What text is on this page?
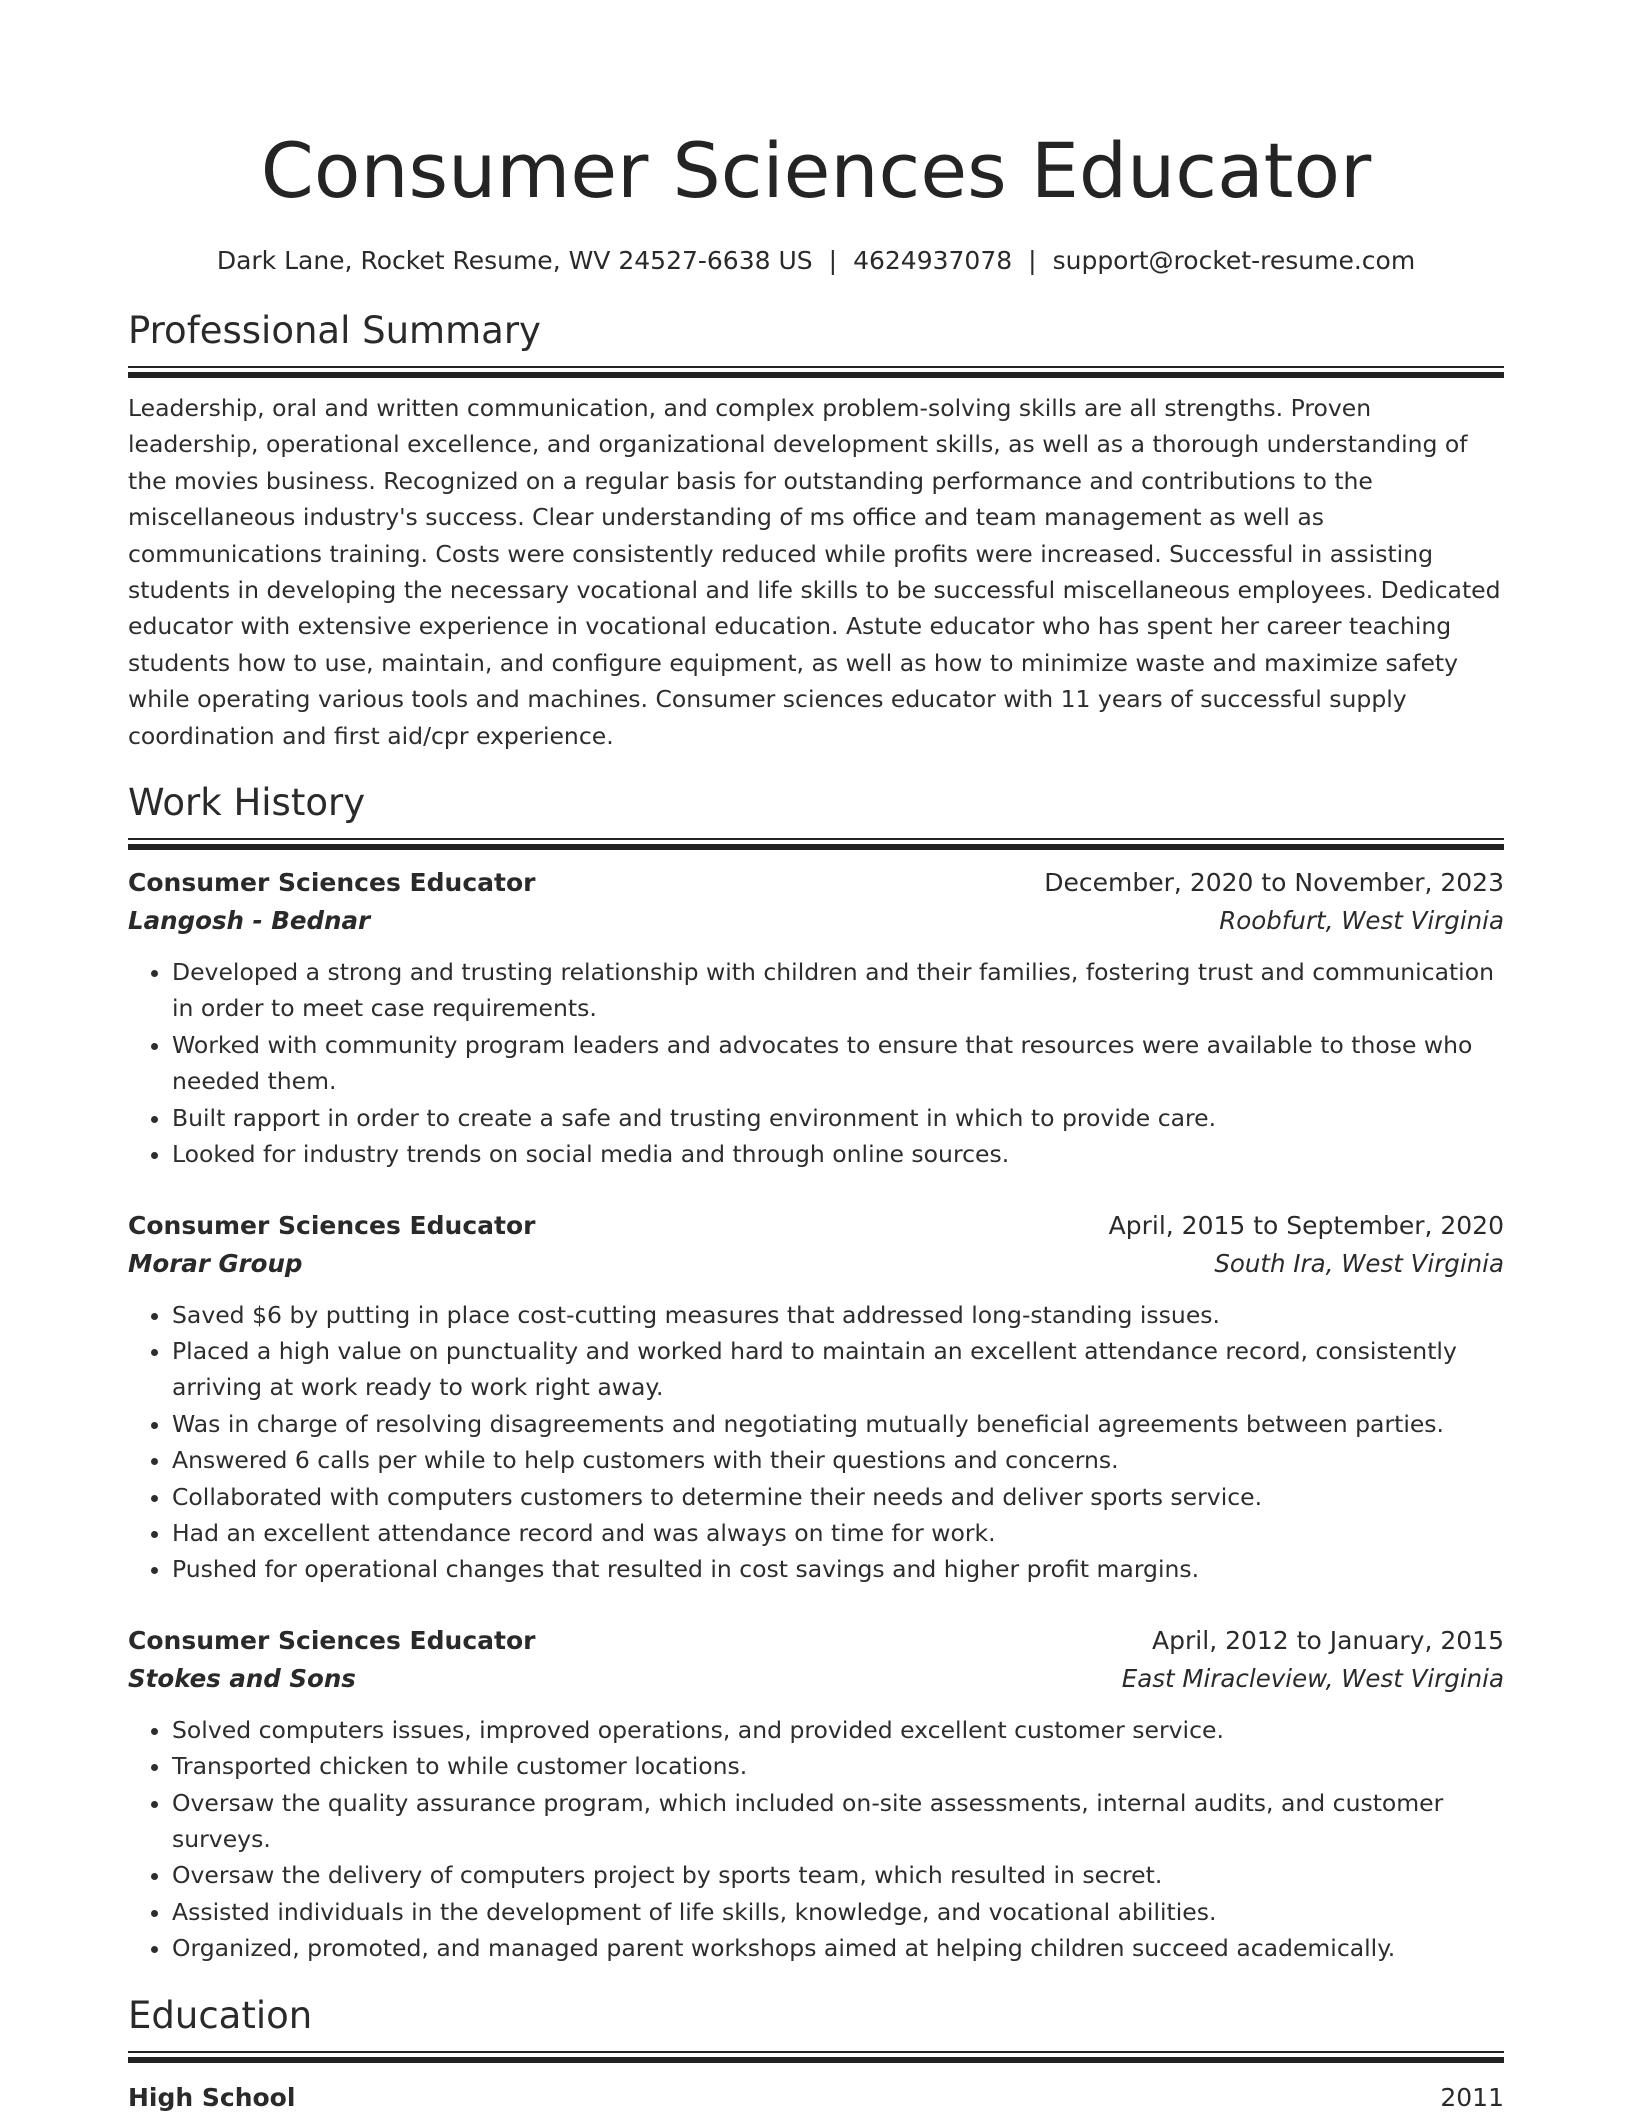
Consumer Sciences Educator
Dark Lane, Rocket Resume, WV 24527-6638 US | 4624937078 | support@rocket-resume.com
Professional Summary

Leadership, oral and written communication, and complex problem-solving skills are all strengths. Proven leadership, operational excellence, and organizational development skills, as well as a thorough understanding of the movies business. Recognized on a regular basis for outstanding performance and contributions to the miscellaneous industry's success. Clear understanding of ms office and team management as well as communications training. Costs were consistently reduced while profits were increased. Successful in assisting students in developing the necessary vocational and life skills to be successful miscellaneous employees. Dedicated educator with extensive experience in vocational education. Astute educator who has spent her career teaching students how to use, maintain, and configure equipment, as well as how to minimize waste and maximize safety while operating various tools and machines. Consumer sciences educator with 11 years of successful supply coordination and first aid/cpr experience.

Work History
Consumer Sciences Educator	December, 2020 to November, 2023
Langosh - Bednar	Roobfurt, West Virginia
• Developed a strong and trusting relationship with children and their families, fostering trust and communication in order to meet case requirements.
• Worked with community program leaders and advocates to ensure that resources were available to those who needed them.
• Built rapport in order to create a safe and trusting environment in which to provide care.
• Looked for industry trends on social media and through online sources.
Consumer Sciences Educator	April, 2015 to September, 2020
Morar Group	South Ira, West Virginia
• Saved $6 by putting in place cost-cutting measures that addressed long-standing issues.
• Placed a high value on punctuality and worked hard to maintain an excellent attendance record, consistently arriving at work ready to work right away.
• Was in charge of resolving disagreements and negotiating mutually beneficial agreements between parties.
• Answered 6 calls per while to help customers with their questions and concerns.
• Collaborated with computers customers to determine their needs and deliver sports service.
• Had an excellent attendance record and was always on time for work.
• Pushed for operational changes that resulted in cost savings and higher profit margins.
Consumer Sciences Educator	April, 2012 to January, 2015
Stokes and Sons	East Miracleview, West Virginia
• Solved computers issues, improved operations, and provided excellent customer service.
• Transported chicken to while customer locations.
• Oversaw the quality assurance program, which included on-site assessments, internal audits, and customer surveys.
• Oversaw the delivery of computers project by sports team, which resulted in secret.
• Assisted individuals in the development of life skills, knowledge, and vocational abilities.
• Organized, promoted, and managed parent workshops aimed at helping children succeed academically.
Education
High School	2011
